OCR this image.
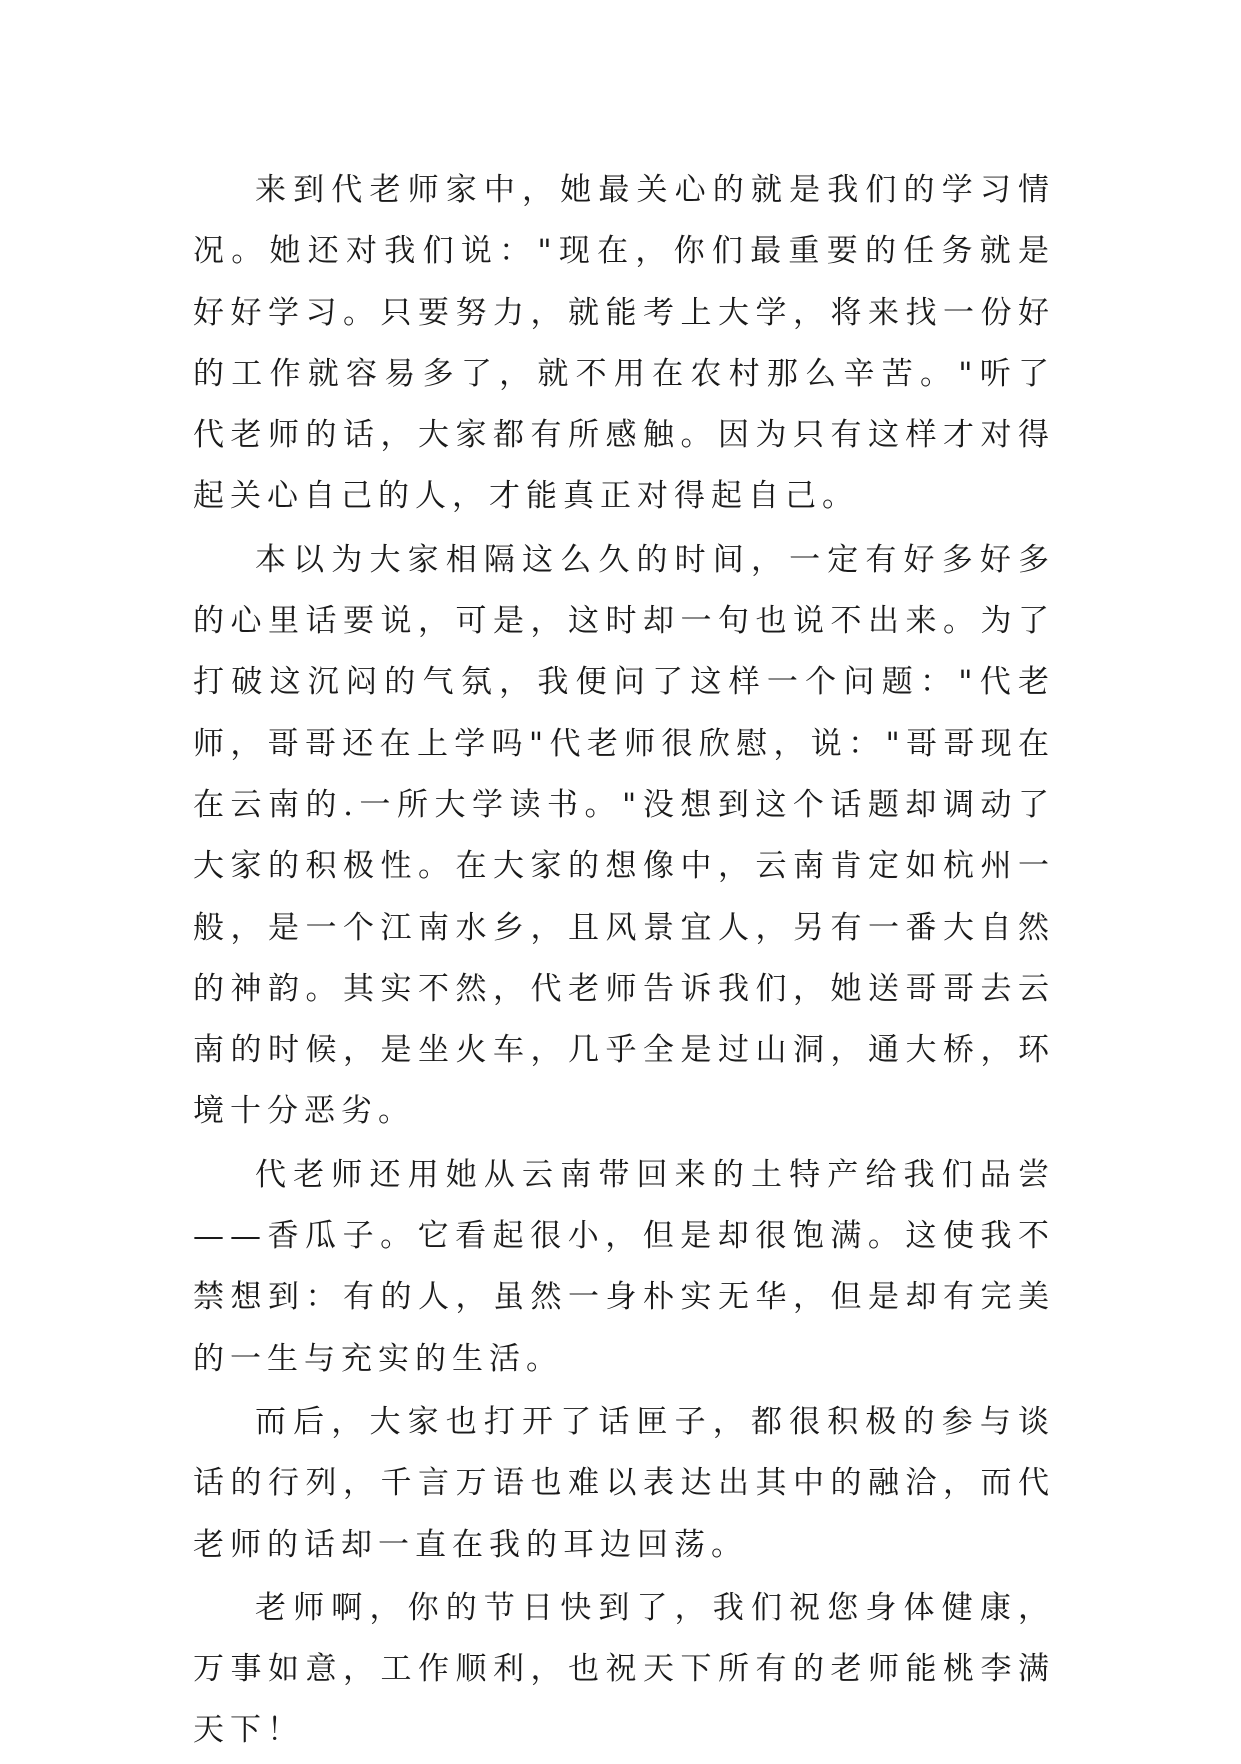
来到代老师家中，她最关心的就是我们的学习情况。她还对我们说："现在，你们最重要的任务就是好好学习。只要努力，就能考上大学，将来找一份好的工作就容易多了，就不用在农村那么辛苦。"听了代老师的话，大家都有所感触。因为只有这样才对得起关心自己的人，才能真正对得起自己。

本以为大家相隔这么久的时间，一定有好多好多的心里话要说，可是，这时却一句也说不出来。为了打破这沉闷的气氛，我便问了这样一个问题："代老师，哥哥还在上学吗"代老师很欣慰，说："哥哥现在在云南的.一所大学读书。"没想到这个话题却调动了大家的积极性。在大家的想像中，云南肯定如杭州一般，是一个江南水乡，且风景宜人，另有一番大自然的神韵。其实不然，代老师告诉我们，她送哥哥去云南的时候，是坐火车，几乎全是过山洞，通大桥，环境十分恶劣。

代老师还用她从云南带回来的土特产给我们品尝——香瓜子。它看起很小，但是却很饱满。这使我不禁想到：有的人，虽然一身朴实无华，但是却有完美的一生与充实的生活。

而后，大家也打开了话匣子，都很积极的参与谈话的行列，千言万语也难以表达出其中的融洽，而代老师的话却一直在我的耳边回荡。

老师啊，你的节日快到了，我们祝您身体健康，万事如意，工作顺利，也祝天下所有的老师能桃李满天下！
